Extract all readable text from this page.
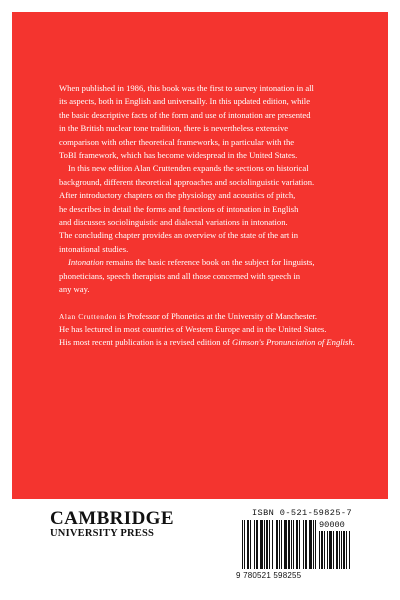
When published in 1986, this book was the first to survey intonation in all
its aspects, both in English and universally. In this updated edition, while
the basic descriptive facts of the form and use of intonation are presented
in the British nuclear tone tradition, there is nevertheless extensive
comparison with other theoretical frameworks, in particular with the
ToBI framework, which has become widespread in the United States.
In this new edition Alan Cruttenden expands the sections on historical
background, different theoretical approaches and sociolinguistic variation.
After introductory chapters on the physiology and acoustics of pitch,
he describes in detail the forms and functions of intonation in English
and discusses sociolinguistic and dialectal variations in intonation.
The concluding chapter provides an overview of the state of the art in
intonational studies.
Intonation remains the basic reference book on the subject for linguists,
phoneticians, speech therapists and all those concerned with speech in
any way.
Alan Cruttenden is Professor of Phonetics at the University of Manchester.
He has lectured in most countries of Western Europe and in the United States.
His most recent publication is a revised edition of Gimson's Pronunciation of English.
CAMBRIDGE
UNIVERSITY PRESS
ISBN 0-521-59825-7
90000
9 780521 598255
